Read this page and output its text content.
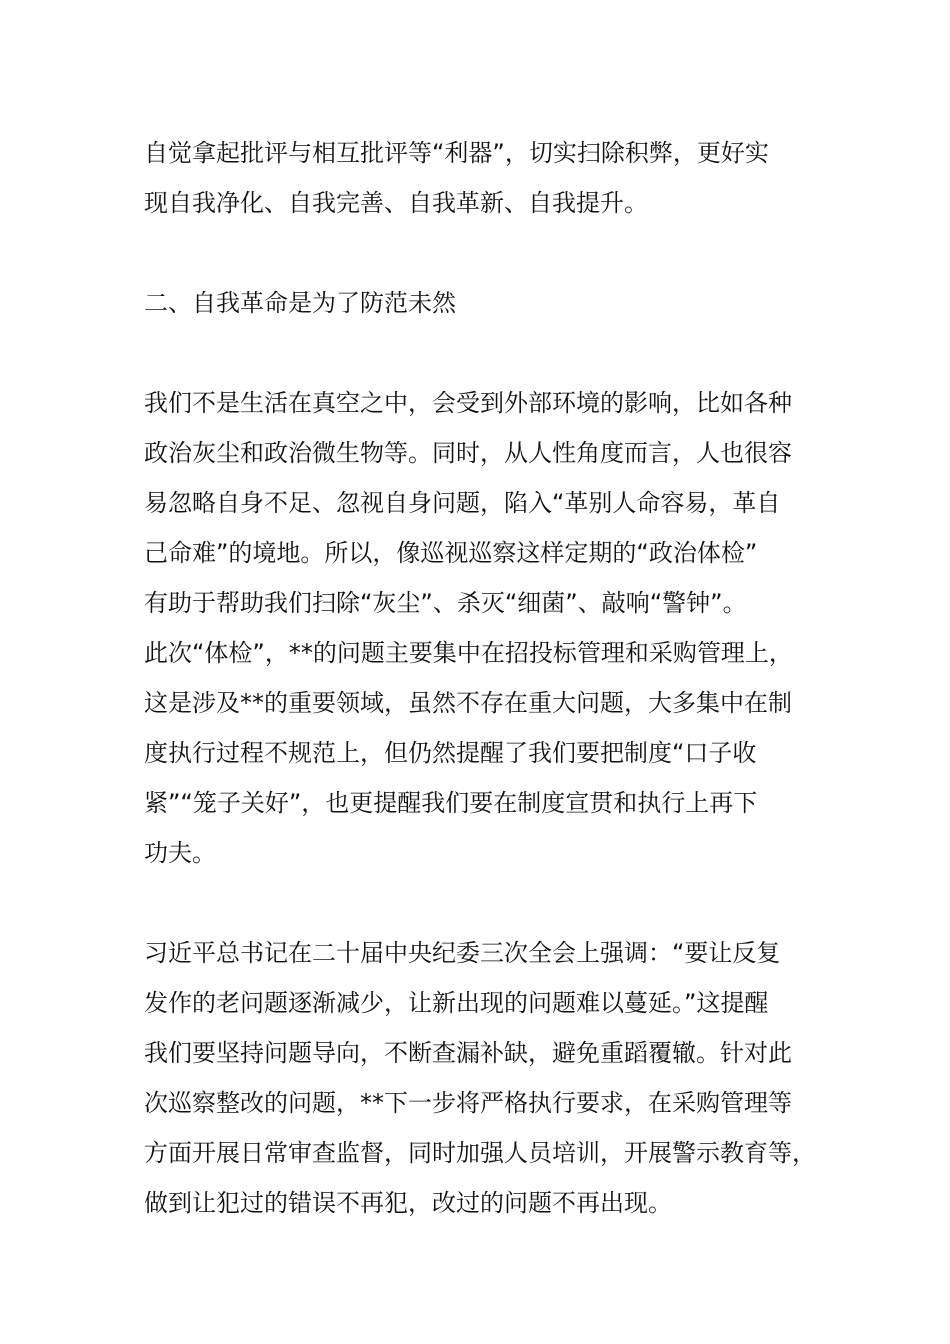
自觉拿起批评与相互批评等“利器”，切实扫除积弊，更好实
现自我净化、自我完善、自我革新、自我提升。
二、自我革命是为了防范未然
我们不是生活在真空之中，会受到外部环境的影响，比如各种
政治灰尘和政治微生物等。同时，从人性角度而言，人也很容
易忽略自身不足、忽视自身问题，陷入“革别人命容易，革自
己命难”的境地。所以，像巡视巡察这样定期的“政治体检”
有助于帮助我们扫除“灰尘”、杀灭“细菌”、敲响“警钟”。
此次“体检”，**的问题主要集中在招投标管理和采购管理上，
这是涉及**的重要领域，虽然不存在重大问题，大多集中在制
度执行过程不规范上，但仍然提醒了我们要把制度“口子收
紧”“笼子关好”，也更提醒我们要在制度宣贯和执行上再下
功夫。
习近平总书记在二十届中央纪委三次全会上强调：“要让反复
发作的老问题逐渐减少，让新出现的问题难以蔓延。”这提醒
我们要坚持问题导向，不断查漏补缺，避免重蹈覆辙。针对此
次巡察整改的问题，**下一步将严格执行要求，在采购管理等
方面开展日常审查监督，同时加强人员培训，开展警示教育等，
做到让犯过的错误不再犯，改过的问题不再出现。
